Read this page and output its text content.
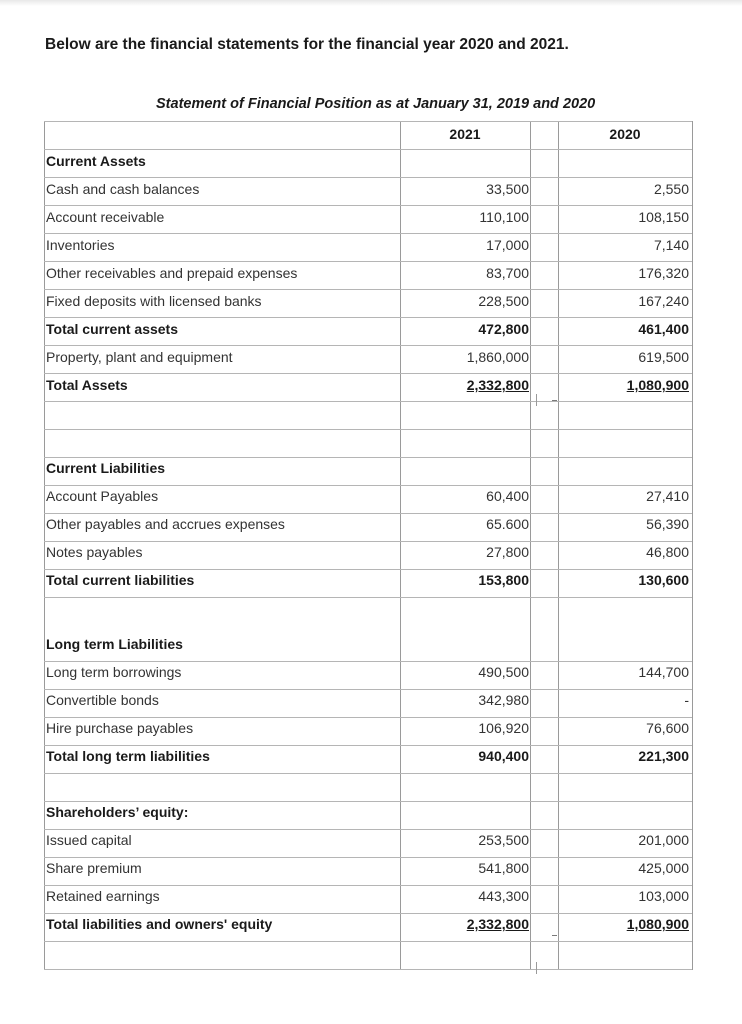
Below are the financial statements for the financial year 2020 and 2021.
Statement of Financial Position as at January 31, 2019 and 2020
2021	2020
Current Assets
Cash and cash balances	33,500	2,550
Account receivable	110,100	108,150
Inventories	17,000	7,140
Other receivables and prepaid expenses	83,700	176,320
Fixed deposits with licensed banks	228,500	167,240
Total current assets	472,800	461,400
Property, plant and equipment	1,860,000	619,500
Total Assets	2,332,800	1,080,900
Current Liabilities
Account Payables	60,400	27,410
Other payables and accrues expenses	65.600	56,390
Notes payables	27,800	46,800
Total current liabilities	153,800	130,600
Long term Liabilities
Long term borrowings	490,500	144,700
Convertible bonds	342,980	-
Hire purchase payables	106,920	76,600
Total long term liabilities	940,400	221,300
Shareholders’ equity:
Issued capital	253,500	201,000
Share premium	541,800	425,000
Retained earnings	443,300	103,000
Total liabilities and owners' equity	2,332,800	1,080,900
